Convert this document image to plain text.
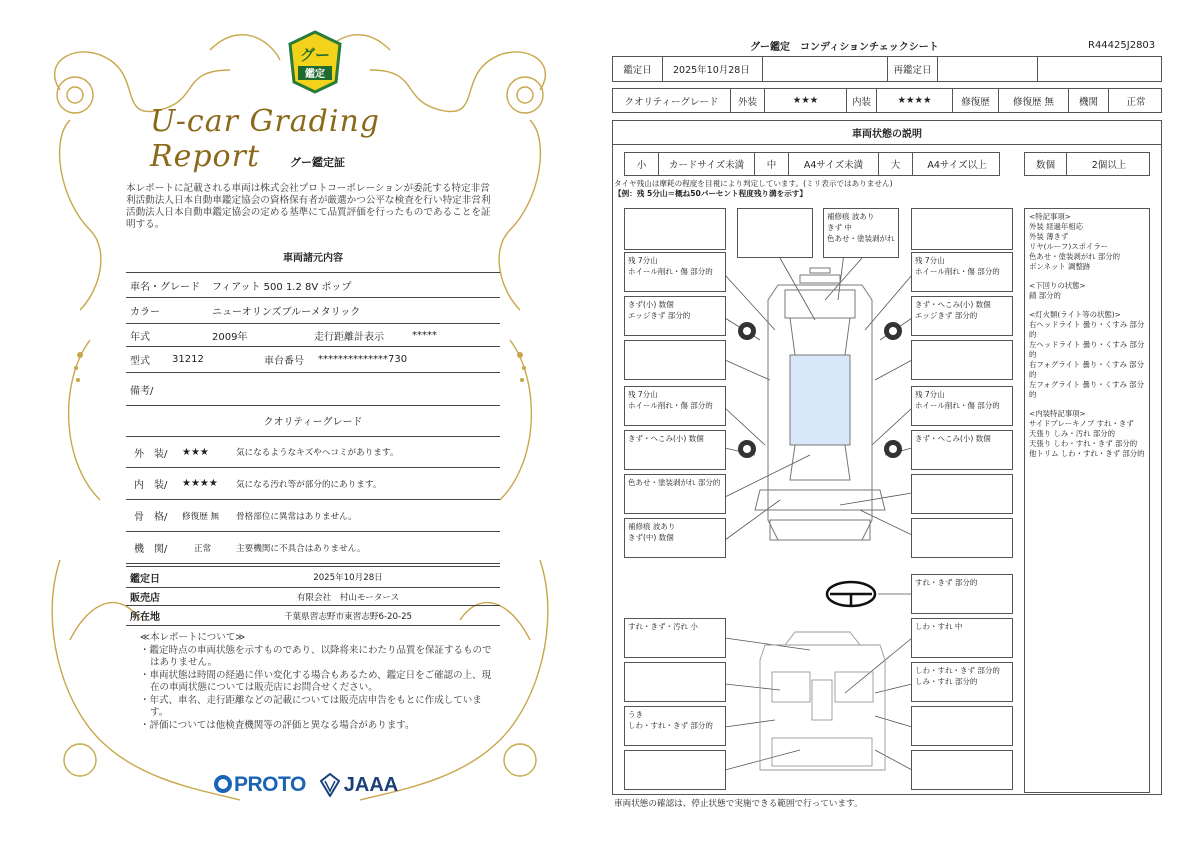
グー
鑑定
U-car Grading Report	グー鑑定証
本レポートに記載される車両は株式会社プロトコーポレーションが委託する特定非営利活動法人日本自動車鑑定協会の資格保有者が厳選かつ公平な検査を行い特定非営利活動法人日本自動車鑑定協会の定める基準にて品質評価を行ったものであることを証明する。
車両諸元内容
車名・グレード	フィアット 500 1.2 8V ポップ
カラー	ニューオリンズブルーメタリック
年式	2009年	走行距離計表示	*****
型式	31212	車台番号	**************730
備考/
クオリティーグレード
外　装/	★★★	気になるようなキズやヘコミがあります。
内　装/	★★★★	気になる汚れ等が部分的にあります。
骨　格/	修復歴 無	骨格部位に異常はありません。
機　関/	正常	主要機関に不具合はありません。
鑑定日	2025年10月28日
販売店	有限会社　村山モータース
所在地	千葉県習志野市東習志野6-20-25
≪本レポートについて≫
・鑑定時点の車両状態を示すものであり、以降将来にわたり品質を保証するものではありません。
・車両状態は時間の経過に伴い変化する場合もあるため、鑑定日をご確認の上、現在の車両状態については販売店にお問合せください。
・年式、車名、走行距離などの記載については販売店申告をもとに作成しています。
・評価については他検査機関等の評価と異なる場合があります。
PROTO JAAA
グー鑑定　コンディションチェックシート	R44425J2803
鑑定日	2025年10月28日	再鑑定日
クオリティーグレード	外装	★★★	内装	★★★★	修復歴	修復歴 無	機関	正常
車両状態の説明
小	カードサイズ未満	中	A4サイズ未満	大	A4サイズ以上	数個	2個以上
タイヤ残山は摩耗の程度を目視により判定しています。(ミリ表示ではありません)
【例：残 5分山＝概ね50パーセント程度残り溝を示す】
補修痕 波あり
きず 中
色あせ・塗装剥がれ
残 7分山
ホイール削れ・傷 部分的
きず(小) 数個
エッジきず 部分的
残 7分山
ホイール削れ・傷 部分的
きず・へこみ(小) 数個
色あせ・塗装剥がれ 部分的
補修痕 波あり
きず(中) 数個
残 7分山
ホイール削れ・傷 部分的
きず・へこみ(小) 数個
エッジきず 部分的
残 7分山
ホイール削れ・傷 部分的
きず・へこみ(小) 数個
すれ・きず 部分的
すれ・きず・汚れ 小
うき
しわ・すれ・きず 部分的
しわ・すれ 中
しわ・すれ・きず 部分的
しみ・すれ 部分的
<特記事項>
外装 経過年相応
外装 薄きず
リヤ(ルーフ)スポイラー
色あせ・塗装剥がれ 部分的
ボンネット 調整跡
<下回りの状態>
錆 部分的
<灯火類(ライト等の状態)>
右ヘッドライト 曇り・くすみ 部分的
左ヘッドライト 曇り・くすみ 部分的
右フォグライト 曇り・くすみ 部分的
左フォグライト 曇り・くすみ 部分的
<内装特記事項>
サイドブレーキノブ すれ・きず
天張り しみ・汚れ 部分的
天張り しわ・すれ・きず 部分的
他トリム しわ・すれ・きず 部分的
車両状態の確認は、停止状態で実施できる範囲で行っています。
